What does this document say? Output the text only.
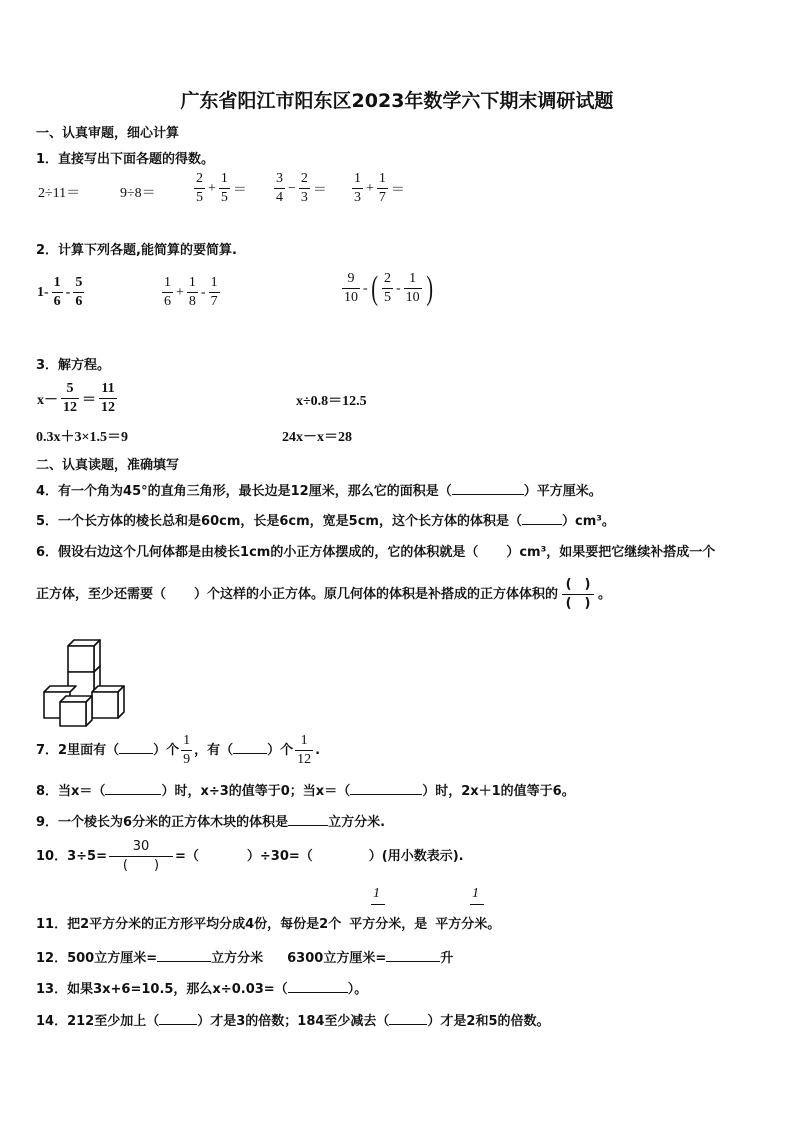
广东省阳江市阳东区2023年数学六下期末调研试题
一、认真审题，细心计算
1．直接写出下面各题的得数。
2÷11＝	9÷8＝	$\frac{2}{5} + \frac{1}{5} = \frac{3}{4} - \frac{2}{3} = \frac{1}{3} + \frac{1}{7}$ ＝
2．计算下列各题,能简算的要简算.
$1- \frac{1}{6} - \frac{5}{6}$	$\frac{1}{6} + \frac{1}{8} - \frac{1}{7}$	$\frac{9}{10}$ -( $\frac{2}{5} - \frac{1}{10}$ )
3．解方程。
$x- \frac{5}{12} = \frac{11}{12}$	x÷0.8＝12.5
0.3x＋3×1.5＝9	24x－x＝28
二、认真读题，准确填写
4．有一个角为45°的直角三角形，最长边是12厘米，那么它的面积是（	）平方厘米。
5．一个长方体的棱长总和是60cm，长是6cm，宽是5cm，这个长方体的体积是（	）cm³。
6．假设右边这个几何体都是由棱长1cm的小正方体摆成的，它的体积就是（ ）cm³，如果要把它继续补搭成一个
正方体，至少还需要（ ）个这样的小正方体。原几何体的体积是补搭成的正方体体积的 $\frac{( )}{( )}$ 。
7．2里面有（	）个 $\frac{1}{9}$ ，有（	）个 $\frac{1}{12}$ .
8．当x＝（	）时，x÷3的值等于0；当x＝（	）时，2x＋1的值等于6。
9．一个棱长为6分米的正方体木块的体积是	立方分米.
10．$3\div 5= \frac{30}{( )}$ =（	）÷30=（	）(用小数表示).
1	1
11．把2平方分米的正方形平均分成4份，每份是2个 平方分米，是 平方分米。
12．500立方厘米=	立方分米 6300立方厘米=	升
13．如果3x+6=10.5，那么x÷0.03=（	）。
14．212至少加上（	）才是3的倍数；184至少减去（	）才是2和5的倍数。
